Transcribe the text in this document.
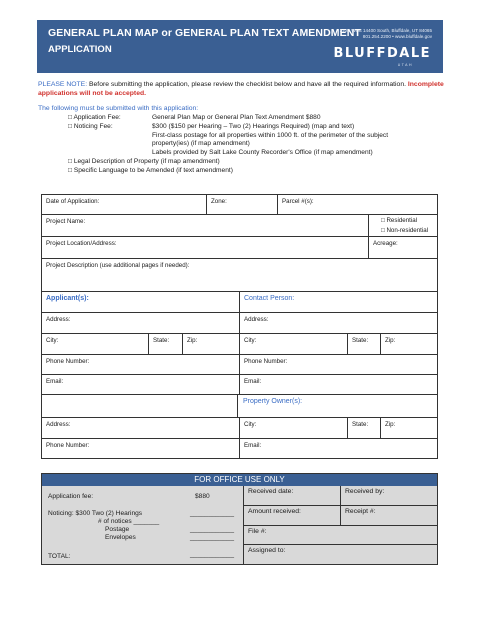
GENERAL PLAN MAP or GENERAL PLAN TEXT AMENDMENT
APPLICATION
2222 West 14400 South, Bluffdale, UT 84065
801.254.2200 • www.bluffdale.gov
BLUFFDALE
UTAH
PLEASE NOTE: Before submitting the application, please review the checklist below and have all the required information. Incomplete applications will not be accepted.
The following must be submitted with this application:
□ Application Fee:	General Plan Map or General Plan Text Amendment $880
□ Noticing Fee:	$300 ($150 per Hearing – Two (2) Hearings Required) (map and text)
First-class postage for all properties within 1000 ft. of the perimeter of the subject
property(ies) (if map amendment)
Labels provided by Salt Lake County Recorder's Office (if map amendment)
□ Legal Description of Property (if map amendment)
□ Specific Language to be Amended (if text amendment)
Date of Application:	Zone:	Parcel #(s):
Project Name:	□ Residential
□ Non-residential
Project Location/Address:	Acreage:
Project Description (use additional pages if needed):
Applicant(s):	Contact Person:
Address:	Address:
City:	State:	Zip:	City:	State:	Zip:
Phone Number:	Phone Number:
Email:	Email:
Property Owner(s):
Address:	City:	State:	Zip:
Phone Number:	Email:
FOR OFFICE USE ONLY
Application fee:	$880
Noticing: $300 Two (2) Hearings	____________
# of notices _______
Postage	____________
Envelopes	____________
TOTAL:	____________
Received date:	Received by:
Amount received:	Receipt #:
File #:
Assigned to:
